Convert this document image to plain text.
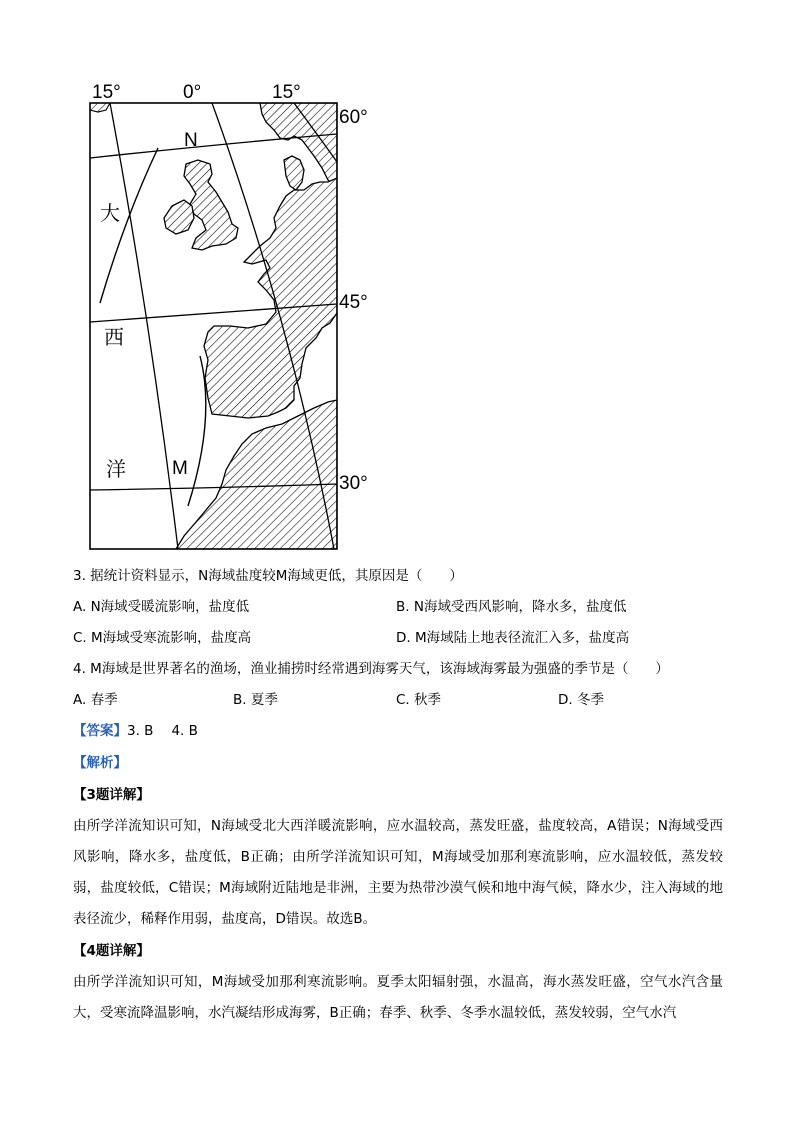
15°	0°	15°
60°
45°
30°
大
西
洋
N
M
3. 据统计资料显示，N海域盐度较M海域更低，其原因是（　　）
A. N海域受暖流影响，盐度低	B. N海域受西风影响，降水多，盐度低
C. M海域受寒流影响，盐度高	D. M海域陆上地表径流汇入多，盐度高
4. M海域是世界著名的渔场，渔业捕捞时经常遇到海雾天气，该海域海雾最为强盛的季节是（　　）
A. 春季	B. 夏季	C. 秋季	D. 冬季
【答案】3. B 4. B
【解析】
【3题详解】
由所学洋流知识可知，N海域受北大西洋暖流影响，应水温较高，蒸发旺盛，盐度较高，A错误；N海域受西风影响，降水多，盐度低，B正确；由所学洋流知识可知，M海域受加那利寒流影响，应水温较低，蒸发较弱，盐度较低，C错误；M海域附近陆地是非洲，主要为热带沙漠气候和地中海气候，降水少，注入海域的地表径流少，稀释作用弱，盐度高，D错误。故选B。
【4题详解】
由所学洋流知识可知，M海域受加那利寒流影响。夏季太阳辐射强，水温高，海水蒸发旺盛，空气水汽含量大，受寒流降温影响，水汽凝结形成海雾，B正确；春季、秋季、冬季水温较低，蒸发较弱，空气水汽
